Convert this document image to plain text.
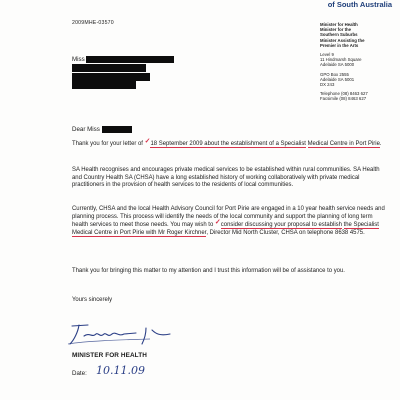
of South Australia
2009MHE-03570	Minister for Health
Minister for the
Southern Suburbs
Minister Assisting the
Premier in the Arts
Level 9
11 Hindmarsh Square
Adelaide SA 5000
GPO Box 2555
Adelaide SA 5001
DX 243
Telephone (08) 8463 627
Facsimile (08) 8463 627
Miss
Dear Miss
Thank you for your letter of ✓18 September 2009 about the establishment of a Specialist Medical Centre in Port Pirie.
SA Health recognises and encourages private medical services to be established within rural communities. SA Health and Country Health SA (CHSA) have a long established history of working collaboratively with private medical practitioners in the provision of health services to the residents of local communities.
Currently, CHSA and the local Health Advisory Council for Port Pirie are engaged in a 10 year health service needs and planning process. This process will identify the needs of the local community and support the planning of long term health services to meet those needs. You may wish to ✓consider discussing your proposal to establish the Specialist Medical Centre in Port Pirie with Mr Roger Kirchner, Director Mid North Cluster, CHSA on telephone 8638 4575.
Thank you for bringing this matter to my attention and I trust this information will be of assistance to you.
Yours sincerely
MINISTER FOR HEALTH
Date: 10.11.09
